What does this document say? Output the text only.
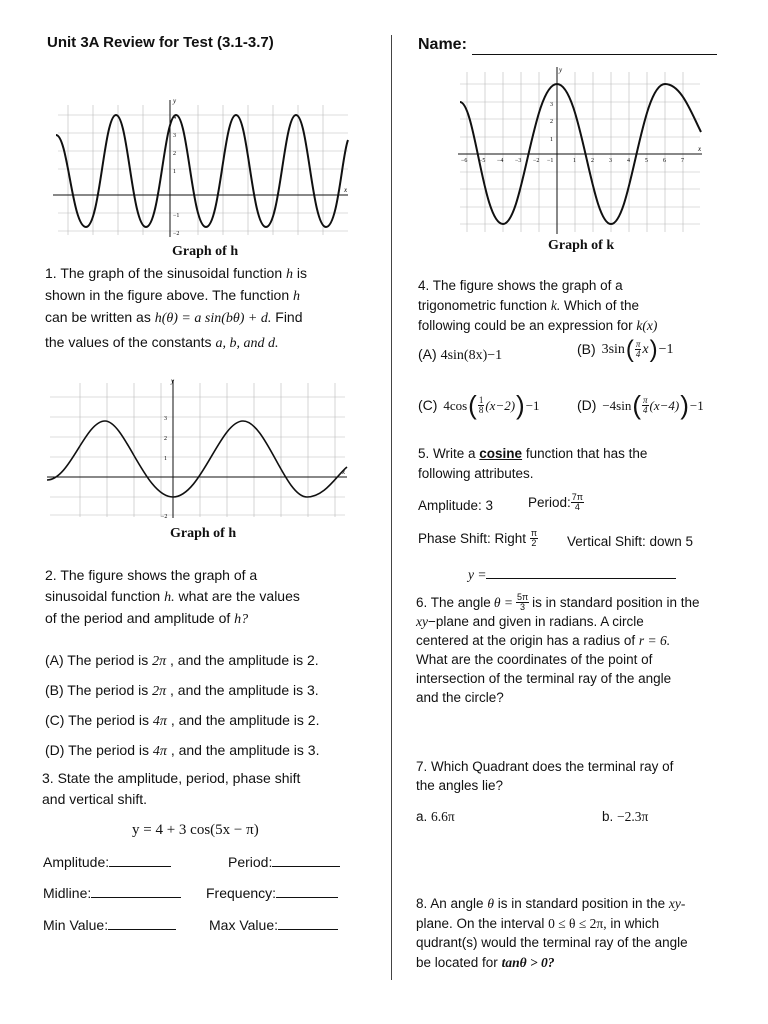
Unit 3A Review for Test (3.1-3.7)	Name:
y
x
4
3
2
1
−1
−2
Graph of h
1. The graph of the sinusoidal function h is
shown in the figure above. The function h
can be written as h(θ) = a sin(bθ) + d. Find
the values of the constants a, b, and d.
y
x
3
2
1
−2
Graph of h
2. The figure shows the graph of a
sinusoidal function h. what are the values
of the period and amplitude of h?
(A) The period is 2π , and the amplitude is 2.
(B) The period is 2π , and the amplitude is 3.
(C) The period is 4π , and the amplitude is 2.
(D) The period is 4π , and the amplitude is 3.
3. State the amplitude, period, phase shift
and vertical shift.
y = 4 + 3 cos(5x − π)
Amplitude:	Period:
Midline:	Frequency:
Min Value:	Max Value:
y
x
3
2
1
−6 −5 −4 −3 −2 −1	1	2	3	4	5	6	7
Graph of k
4. The figure shows the graph of a
trigonometric function k. Which of the
following could be an expression for k(x)
(A) 4sin(8x)−1	(B)
3sin ( $\frac{\pi}{4}$ x ) −1
(C)
4cos ( $\frac{1}{8} (x-2)$ ) −1	(D)
−4sin ( $\frac{\pi}{4} (x-4)$ ) −1
5. Write a cosine function that has the
following attributes.
Amplitude: 3	Period: $\frac{7\pi}{4}$
Phase Shift: Right
$\frac{\pi}{2}$ Vertical Shift: down 5
y =
6. The angle $\theta = \frac{5\pi}{3}$ is in standard position in the
xy−plane and given in radians. A circle
centered at the origin has a radius of r = 6.
What are the coordinates of the point of
intersection of the terminal ray of the angle
and the circle?
7. Which Quadrant does the terminal ray of
the angles lie?
a. 6.6π	b. −2.3π
8. An angle θ is in standard position in the xy-
plane. On the interval 0 ≤ θ ≤ 2π, in which
qudrant(s) would the terminal ray of the angle
be located for tanθ > 0?
